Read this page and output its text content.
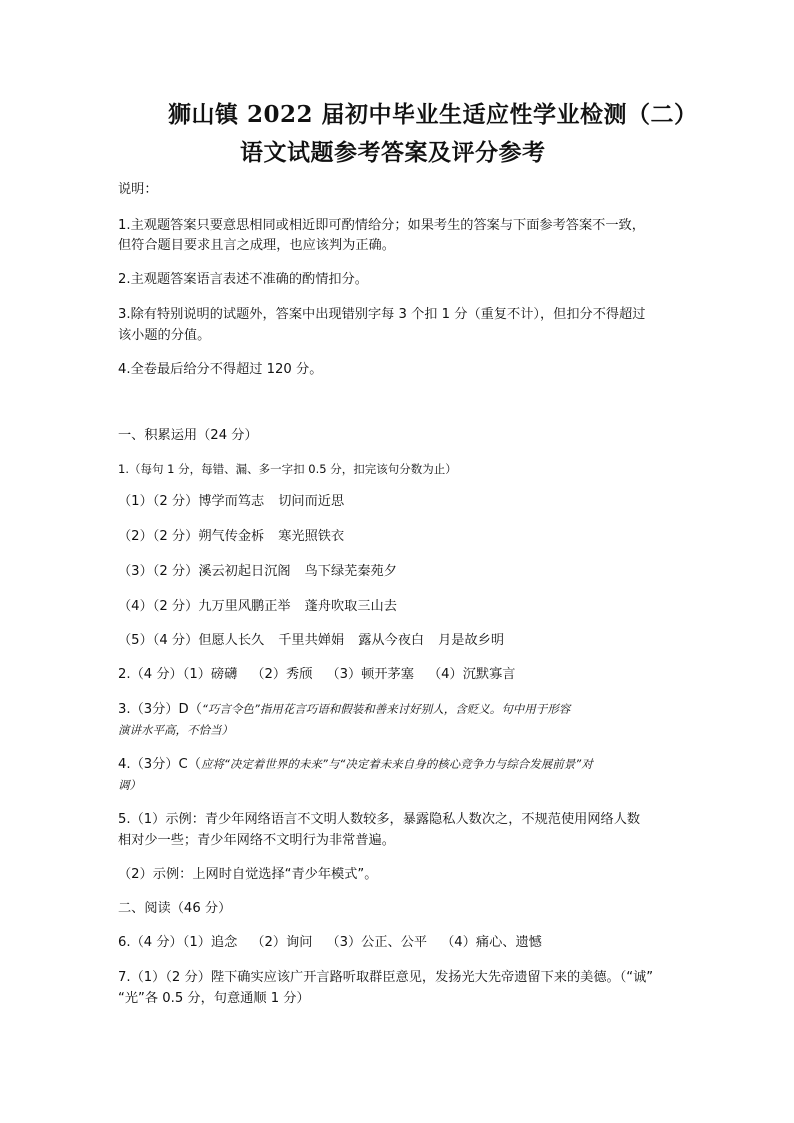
狮山镇 2022 届初中毕业生适应性学业检测（二）
语文试题参考答案及评分参考
说明：
1.主观题答案只要意思相同或相近即可酌情给分；如果考生的答案与下面参考答案不一致，
但符合题目要求且言之成理，也应该判为正确。
2.主观题答案语言表述不准确的酌情扣分。
3.除有特别说明的试题外，答案中出现错别字每 3 个扣 1 分（重复不计），但扣分不得超过
该小题的分值。
4.全卷最后给分不得超过 120 分。
一、积累运用（24 分）
1.（每句 1 分，每错、漏、多一字扣 0.5 分，扣完该句分数为止）
（1）（2 分）博学而笃志 切问而近思
（2）（2 分）朔气传金柝 寒光照铁衣
（3）（2 分）溪云初起日沉阁 鸟下绿芜秦苑夕
（4）（2 分）九万里风鹏正举 蓬舟吹取三山去
（5）（4 分）但愿人长久 千里共婵娟 露从今夜白 月是故乡明
2.（4 分）（1）磅礴 （2）秀颀 （3）顿开茅塞 （4）沉默寡言
3.（3分）D（“巧言令色”指用花言巧语和假装和善来讨好别人，含贬义。句中用于形容
演讲水平高，不恰当）
4.（3分）C（应将“决定着世界的未来”与“决定着未来自身的核心竞争力与综合发展前景”对
调）
5.（1）示例：青少年网络语言不文明人数较多，暴露隐私人数次之，不规范使用网络人数
相对少一些；青少年网络不文明行为非常普遍。
（2）示例：上网时自觉选择“青少年模式”。
二、阅读（46 分）
6.（4 分）（1）追念 （2）询问 （3）公正、公平 （4）痛心、遗憾
7.（1）（2 分）陛下确实应该广开言路听取群臣意见，发扬光大先帝遗留下来的美德。（“诚”
“光”各 0.5 分，句意通顺 1 分）
